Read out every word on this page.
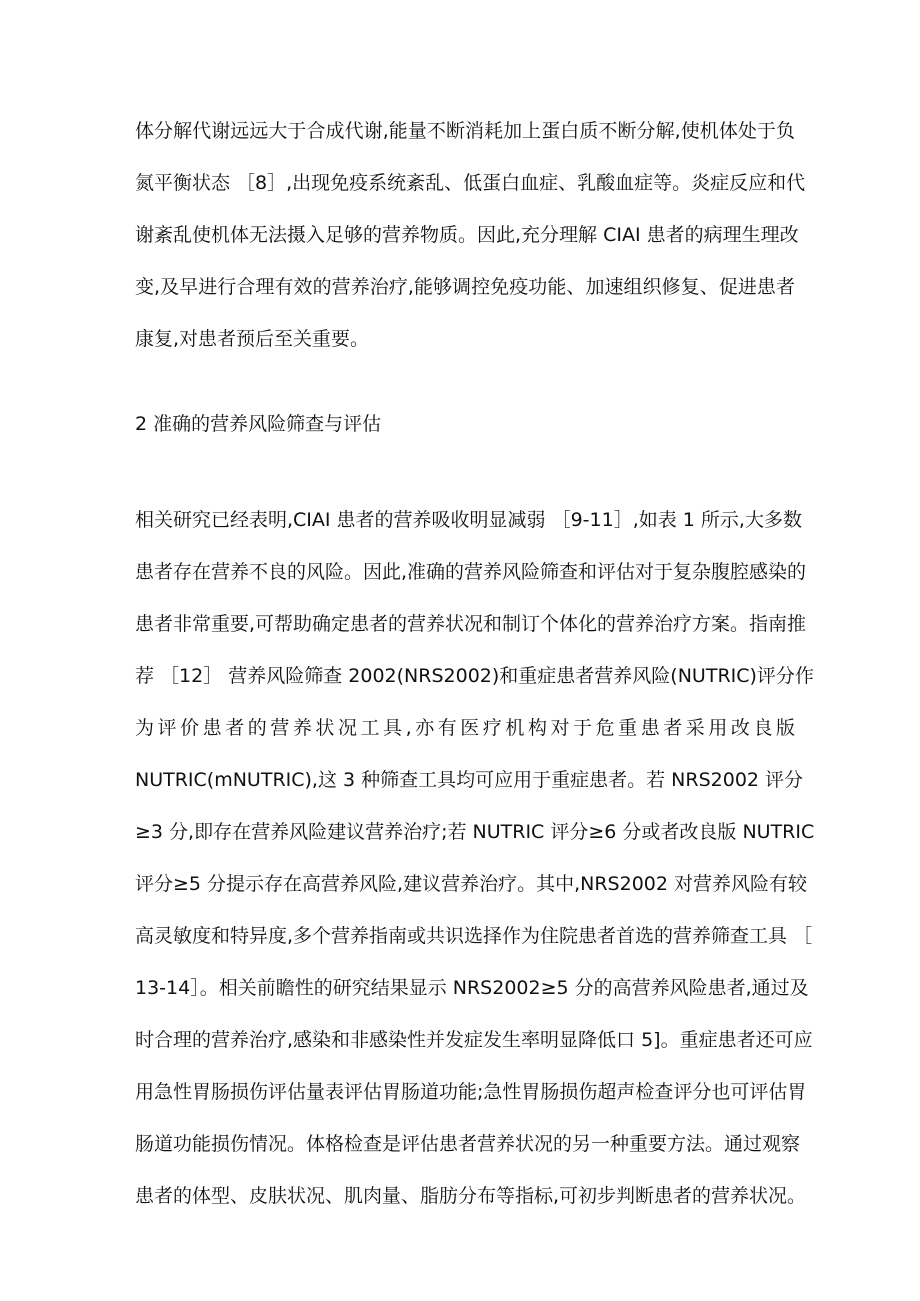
体分解代谢远远大于合成代谢,能量不断消耗加上蛋白质不断分解,使机体处于负

氮平衡状态 ［8］,出现免疫系统紊乱、低蛋白血症、乳酸血症等。炎症反应和代

谢紊乱使机体无法摄入足够的营养物质。因此,充分理解 CIAI 患者的病理生理改

变,及早进行合理有效的营养治疗,能够调控免疫功能、加速组织修复、促进患者

康复,对患者预后至关重要。

2 准确的营养风险筛查与评估

相关研究已经表明,CIAI 患者的营养吸收明显减弱 ［9-11］,如表 1 所示,大多数

患者存在营养不良的风险。因此,准确的营养风险筛查和评估对于复杂腹腔感染的

患者非常重要,可帮助确定患者的营养状况和制订个体化的营养治疗方案。指南推

荐 ［12］ 营养风险筛查 2002(NRS2002)和重症患者营养风险(NUTRIC)评分作

为评价患者的营养状况工具,亦有医疗机构对于危重患者采用改良版

NUTRIC(mNUTRIC),这 3 种筛查工具均可应用于重症患者。若 NRS2002 评分

≥3 分,即存在营养风险建议营养治疗;若 NUTRIC 评分≥6 分或者改良版 NUTRIC

评分≥5 分提示存在高营养风险,建议营养治疗。其中,NRS2002 对营养风险有较

高灵敏度和特异度,多个营养指南或共识选择作为住院患者首选的营养筛查工具 ［

13-14］。相关前瞻性的研究结果显示 NRS2002≥5 分的高营养风险患者,通过及

时合理的营养治疗,感染和非感染性并发症发生率明显降低口 5]。重症患者还可应

用急性胃肠损伤评估量表评估胃肠道功能;急性胃肠损伤超声检查评分也可评估胃

肠道功能损伤情况。体格检查是评估患者营养状况的另一种重要方法。通过观察

患者的体型、皮肤状况、肌肉量、脂肪分布等指标,可初步判断患者的营养状况。
